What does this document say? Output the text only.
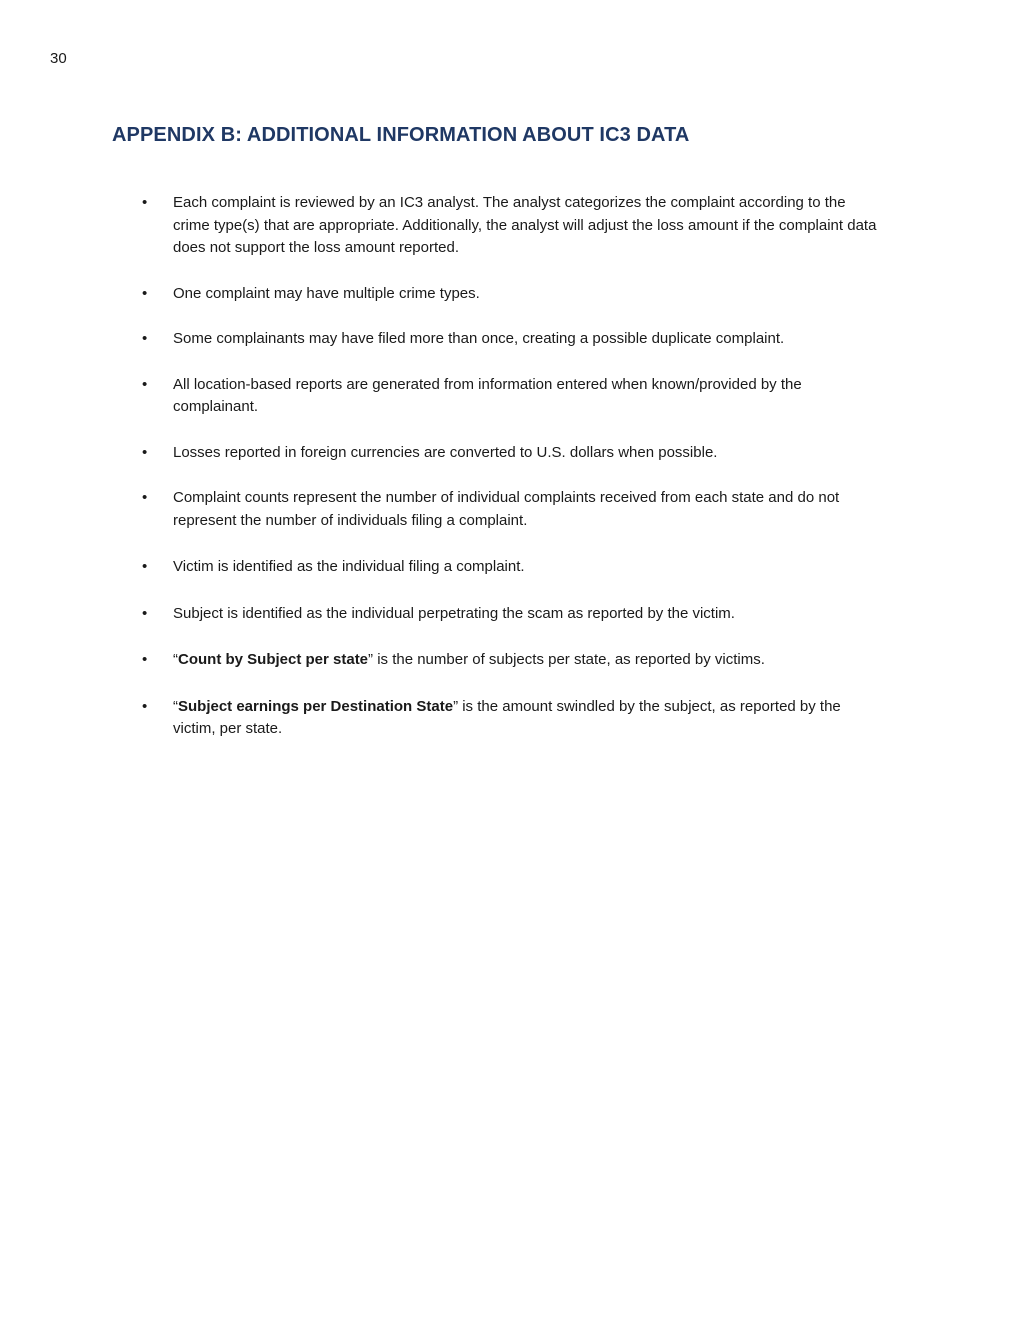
30
APPENDIX B: ADDITIONAL INFORMATION ABOUT IC3 DATA
• Each complaint is reviewed by an IC3 analyst. The analyst categorizes the complaint according to the crime type(s) that are appropriate. Additionally, the analyst will adjust the loss amount if the complaint data does not support the loss amount reported.
• One complaint may have multiple crime types.
• Some complainants may have filed more than once, creating a possible duplicate complaint.
• All location-based reports are generated from information entered when known/provided by the complainant.
• Losses reported in foreign currencies are converted to U.S. dollars when possible.
• Complaint counts represent the number of individual complaints received from each state and do not represent the number of individuals filing a complaint.
• Victim is identified as the individual filing a complaint.
• Subject is identified as the individual perpetrating the scam as reported by the victim.
• “Count by Subject per state” is the number of subjects per state, as reported by victims.
• “Subject earnings per Destination State” is the amount swindled by the subject, as reported by the victim, per state.
